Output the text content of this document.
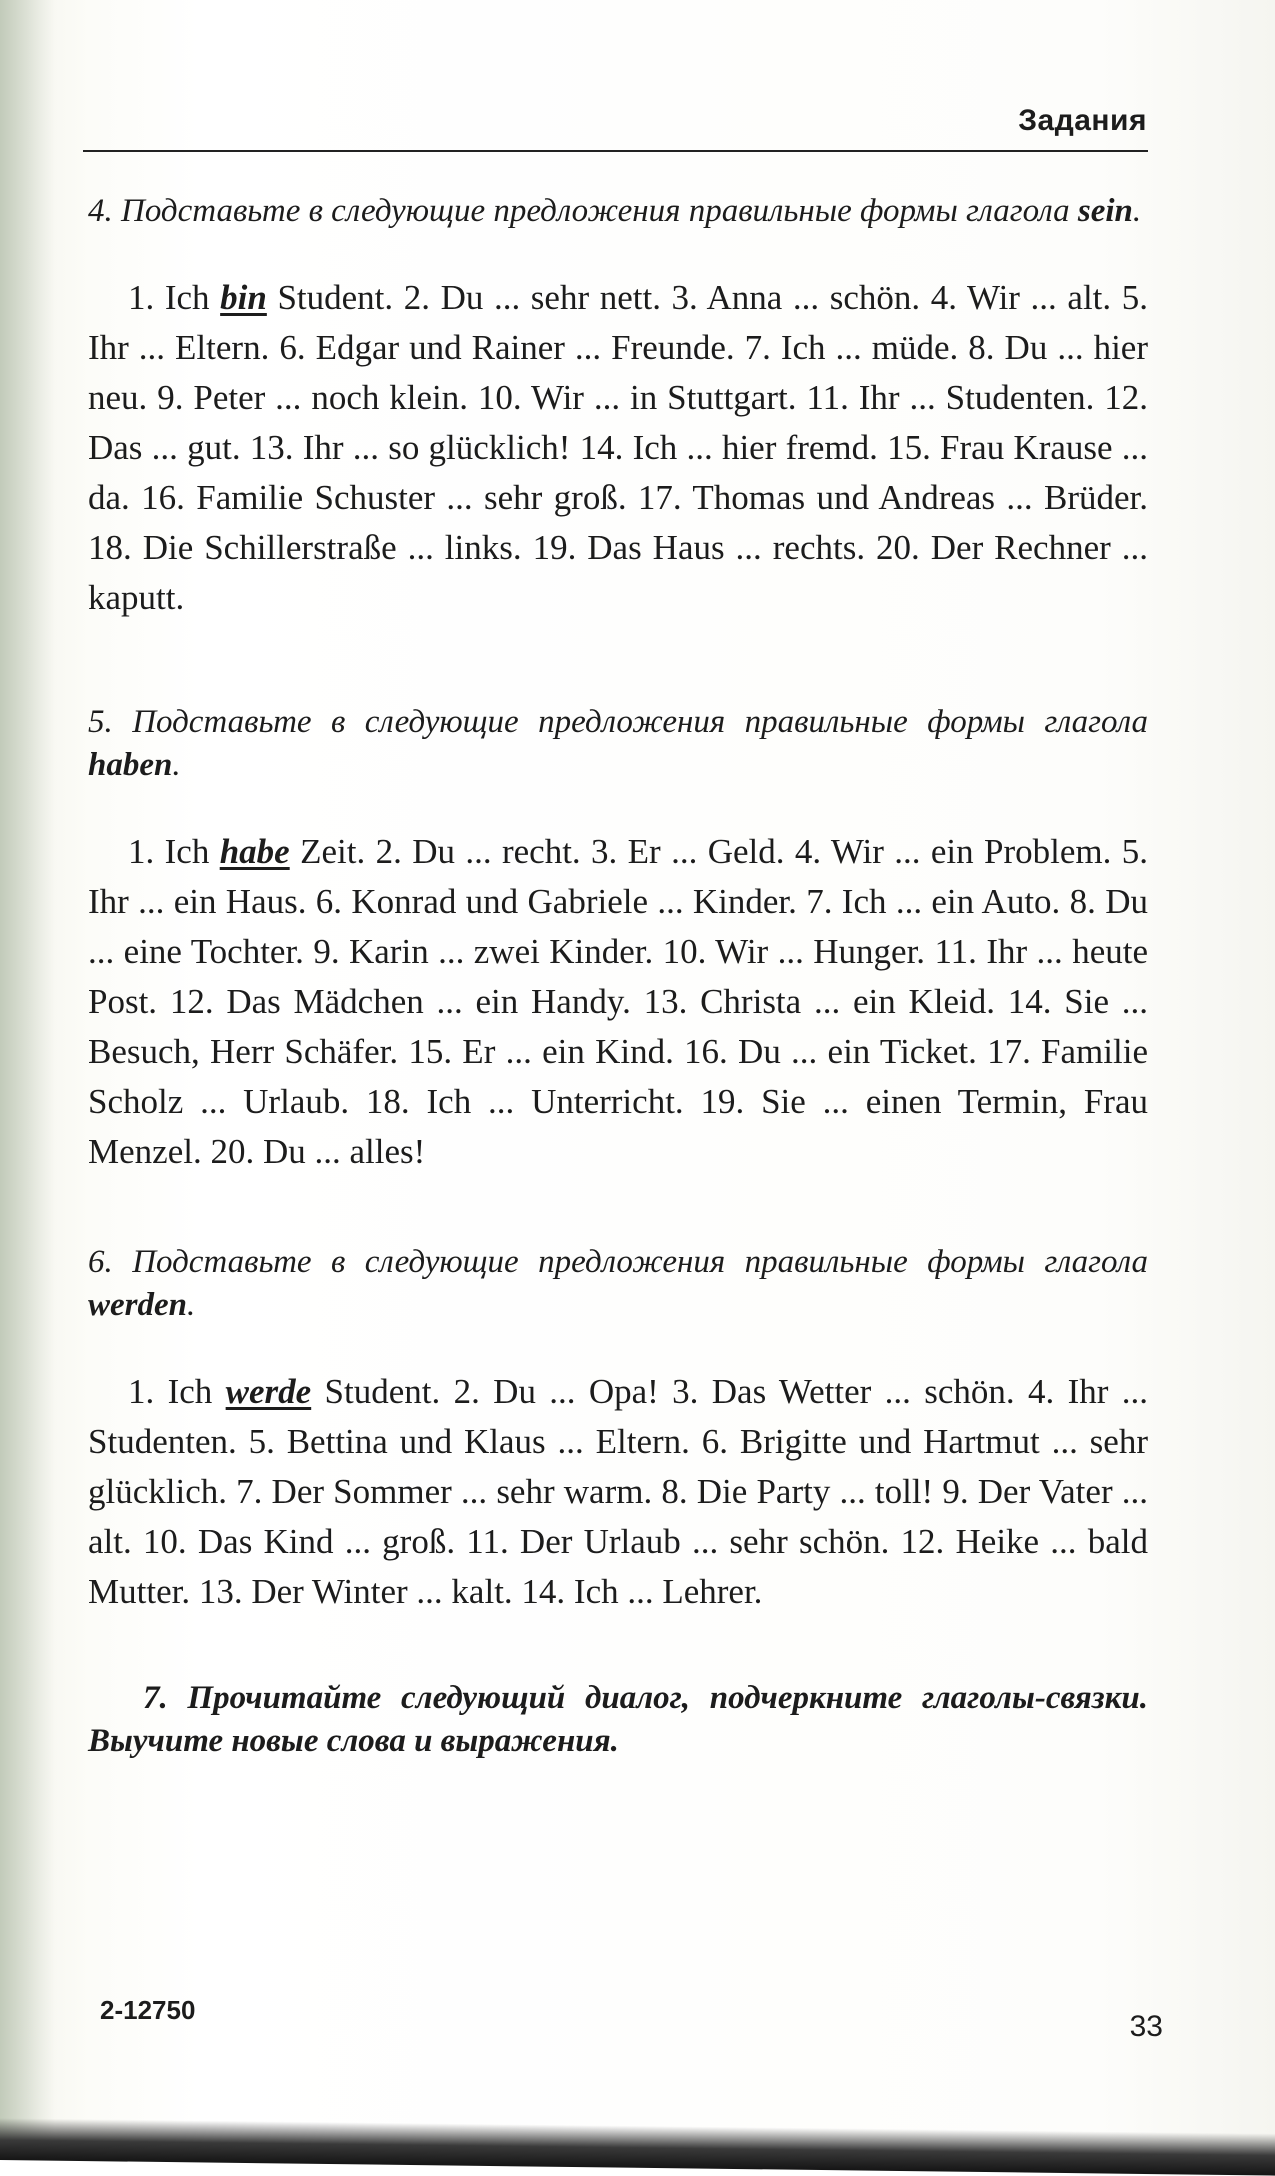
Задания

4. Подставьте в следующие предложения правильные формы глагола sein.

1. Ich bin Student. 2. Du ... sehr nett. 3. Anna ... schön. 4. Wir ... alt. 5. Ihr ... Eltern. 6. Edgar und Rainer ... Freunde. 7. Ich ... müde. 8. Du ... hier neu. 9. Peter ... noch klein. 10. Wir ... in Stuttgart. 11. Ihr ... Studenten. 12. Das ... gut. 13. Ihr ... so glücklich! 14. Ich ... hier fremd. 15. Frau Krause ... da. 16. Familie Schuster ... sehr groß. 17. Thomas und Andreas ... Brüder. 18. Die Schillerstraße ... links. 19. Das Haus ... rechts. 20. Der Rechner ... kaputt.

5. Подставьте в следующие предложения правильные формы глагола haben.

1. Ich habe Zeit. 2. Du ... recht. 3. Er ... Geld. 4. Wir ... ein Problem. 5. Ihr ... ein Haus. 6. Konrad und Gabriele ... Kinder. 7. Ich ... ein Auto. 8. Du ... eine Tochter. 9. Karin ... zwei Kinder. 10. Wir ... Hunger. 11. Ihr ... heute Post. 12. Das Mädchen ... ein Handy. 13. Christa ... ein Kleid. 14. Sie ... Besuch, Herr Schäfer. 15. Er ... ein Kind. 16. Du ... ein Ticket. 17. Familie Scholz ... Urlaub. 18. Ich ... Unterricht. 19. Sie ... einen Termin, Frau Menzel. 20. Du ... alles!

6. Подставьте в следующие предложения правильные формы глагола werden.

1. Ich werde Student. 2. Du ... Opa! 3. Das Wetter ... schön. 4. Ihr ... Studenten. 5. Bettina und Klaus ... Eltern. 6. Brigitte und Hartmut ... sehr glücklich. 7. Der Sommer ... sehr warm. 8. Die Party ... toll! 9. Der Vater ... alt. 10. Das Kind ... groß. 11. Der Urlaub ... sehr schön. 12. Heike ... bald Mutter. 13. Der Winter ... kalt. 14. Ich ... Lehrer.

7. Прочитайте следующий диалог, подчеркните глаголы-связки. Выучите новые слова и выражения.

2-12750	33
